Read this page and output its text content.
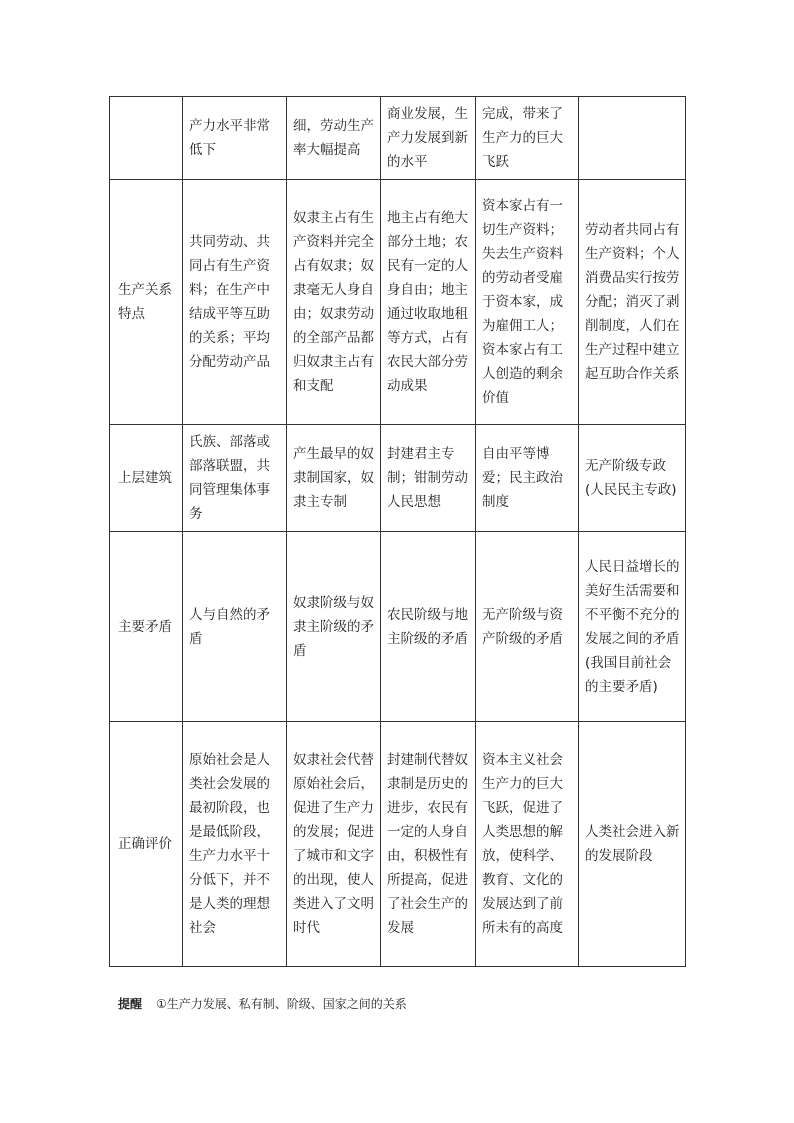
	产力水平非常低下	细，劳动生产率大幅提高	商业发展，生产力发展到新的水平	完成，带来了生产力的巨大飞跃	
生产关系特点	共同劳动、共同占有生产资料；在生产中结成平等互助的关系；平均分配劳动产品	奴隶主占有生产资料并完全占有奴隶；奴隶毫无人身自由；奴隶劳动的全部产品都归奴隶主占有和支配	地主占有绝大部分土地；农民有一定的人身自由；地主通过收取地租等方式，占有农民大部分劳动成果	资本家占有一切生产资料；失去生产资料的劳动者受雇于资本家，成为雇佣工人；资本家占有工人创造的剩余价值	劳动者共同占有生产资料；个人消费品实行按劳分配；消灭了剥削制度，人们在生产过程中建立起互助合作关系
上层建筑	氏族、部落或部落联盟，共同管理集体事务	产生最早的奴隶制国家，奴隶主专制	封建君主专制；钳制劳动人民思想	自由平等博爱；民主政治制度	无产阶级专政(人民民主专政)
主要矛盾	人与自然的矛盾	奴隶阶级与奴隶主阶级的矛盾	农民阶级与地主阶级的矛盾	无产阶级与资产阶级的矛盾	人民日益增长的美好生活需要和不平衡不充分的发展之间的矛盾(我国目前社会的主要矛盾)
正确评价	原始社会是人类社会发展的最初阶段，也是最低阶段，生产力水平十分低下，并不是人类的理想社会	奴隶社会代替原始社会后，促进了生产力的发展；促进了城市和文字的出现，使人类进入了文明时代	封建制代替奴隶制是历史的进步，农民有一定的人身自由，积极性有所提高，促进了社会生产的发展	资本主义社会生产力的巨大飞跃，促进了人类思想的解放，使科学、教育、文化的发展达到了前所未有的高度	人类社会进入新的发展阶段
提醒 ①生产力发展、私有制、阶级、国家之间的关系
